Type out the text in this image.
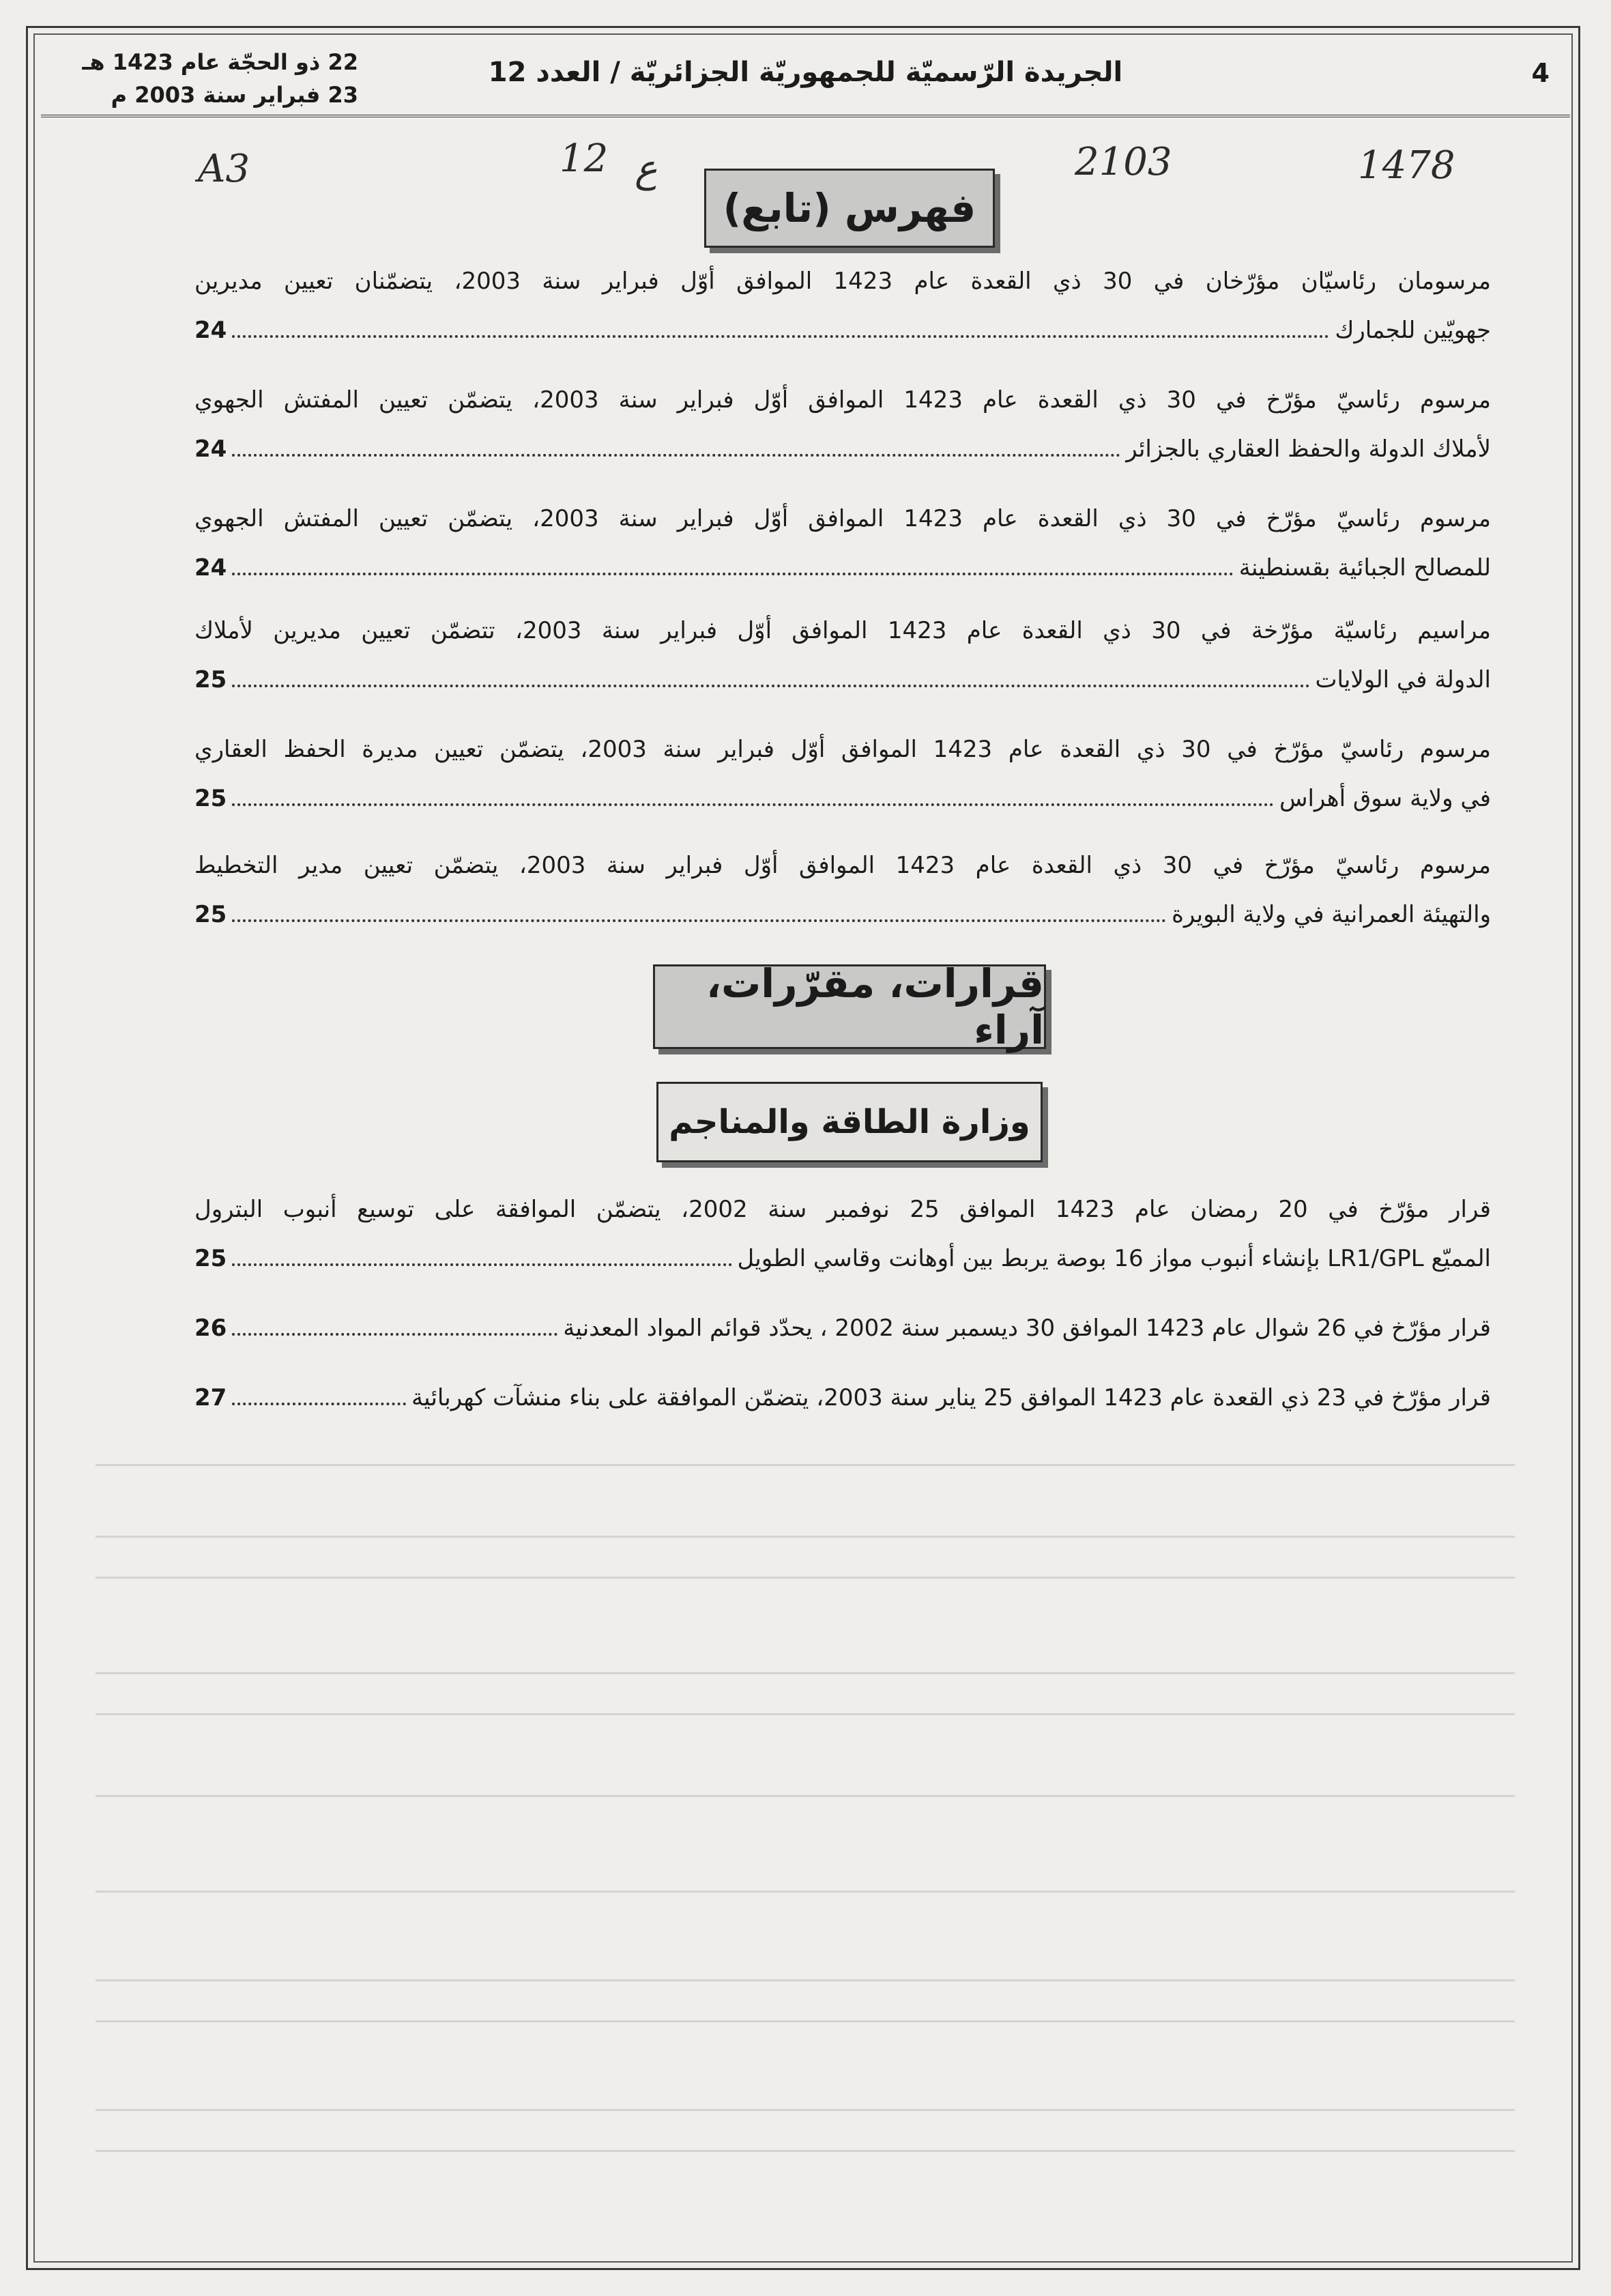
4
الجريدة الرّسميّة للجمهوريّة الجزائريّة / العدد 12
22 ذو الحجّة عام 1423 هـ
23 فبراير سنة 2003 م
A3	12 ع	2103	1478
فهرس (تابع)
مرسومان رئاسيّان مؤرّخان في 30 ذي القعدة عام 1423 الموافق أوّل فبراير سنة 2003، يتضمّنان تعيين مديرين
جهويّين للجمارك
24
مرسوم رئاسيّ مؤرّخ في 30 ذي القعدة عام 1423 الموافق أوّل فبراير سنة 2003، يتضمّن تعيين المفتش الجهوي
لأملاك الدولة والحفظ العقاري بالجزائر
24
مرسوم رئاسيّ مؤرّخ في 30 ذي القعدة عام 1423 الموافق أوّل فبراير سنة 2003، يتضمّن تعيين المفتش الجهوي
للمصالح الجبائية بقسنطينة
24
مراسيم رئاسيّة مؤرّخة في 30 ذي القعدة عام 1423 الموافق أوّل فبراير سنة 2003، تتضمّن تعيين مديرين لأملاك
الدولة في الولايات
25
مرسوم رئاسيّ مؤرّخ في 30 ذي القعدة عام 1423 الموافق أوّل فبراير سنة 2003، يتضمّن تعيين مديرة الحفظ العقاري
في ولاية سوق أهراس
25
مرسوم رئاسيّ مؤرّخ في 30 ذي القعدة عام 1423 الموافق أوّل فبراير سنة 2003، يتضمّن تعيين مدير التخطيط
والتهيئة العمرانية في ولاية البويرة
25
قرارات، مقرّرات، آراء
وزارة الطاقة والمناجم
قرار مؤرّخ في 20 رمضان عام 1423 الموافق 25 نوفمبر سنة 2002، يتضمّن الموافقة على توسيع أنبوب البترول
المميّع LR1/GPL بإنشاء أنبوب مواز 16 بوصة يربط بين أوهانت وقاسي الطويل
25
قرار مؤرّخ في 26 شوال عام 1423 الموافق 30 ديسمبر سنة 2002 ، يحدّد قوائم المواد المعدنية
26
قرار مؤرّخ في 23 ذي القعدة عام 1423 الموافق 25 يناير سنة 2003، يتضمّن الموافقة على بناء منشآت كهربائية
27
